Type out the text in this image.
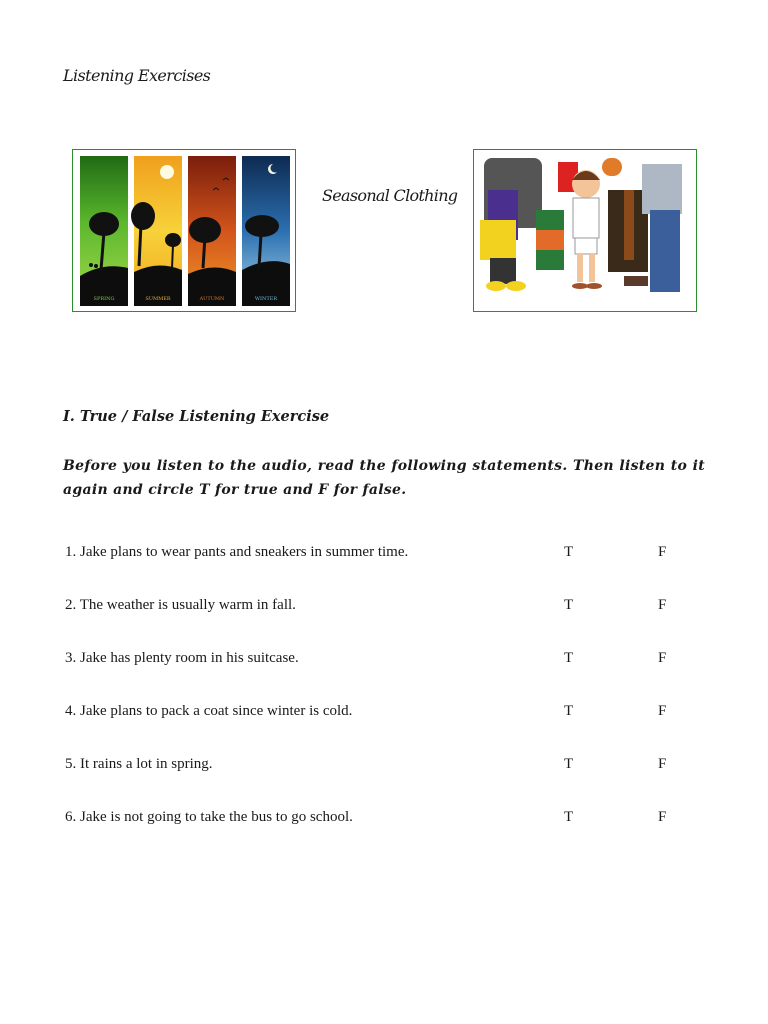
Listening Exercises
SPRING	SUMMER	AUTUMN	WINTER
Seasonal Clothing
I. True / False Listening Exercise
Before you listen to the audio, read the following statements. Then listen to it again and circle T for true and F for false.
1. Jake plans to wear pants and sneakers in summer time.	T	F
2. The weather is usually warm in fall.	T	F
3. Jake has plenty room in his suitcase.	T	F
4. Jake plans to pack a coat since winter is cold.	T	F
5. It rains a lot in spring.	T	F
6. Jake is not going to take the bus to go school.	T	F
